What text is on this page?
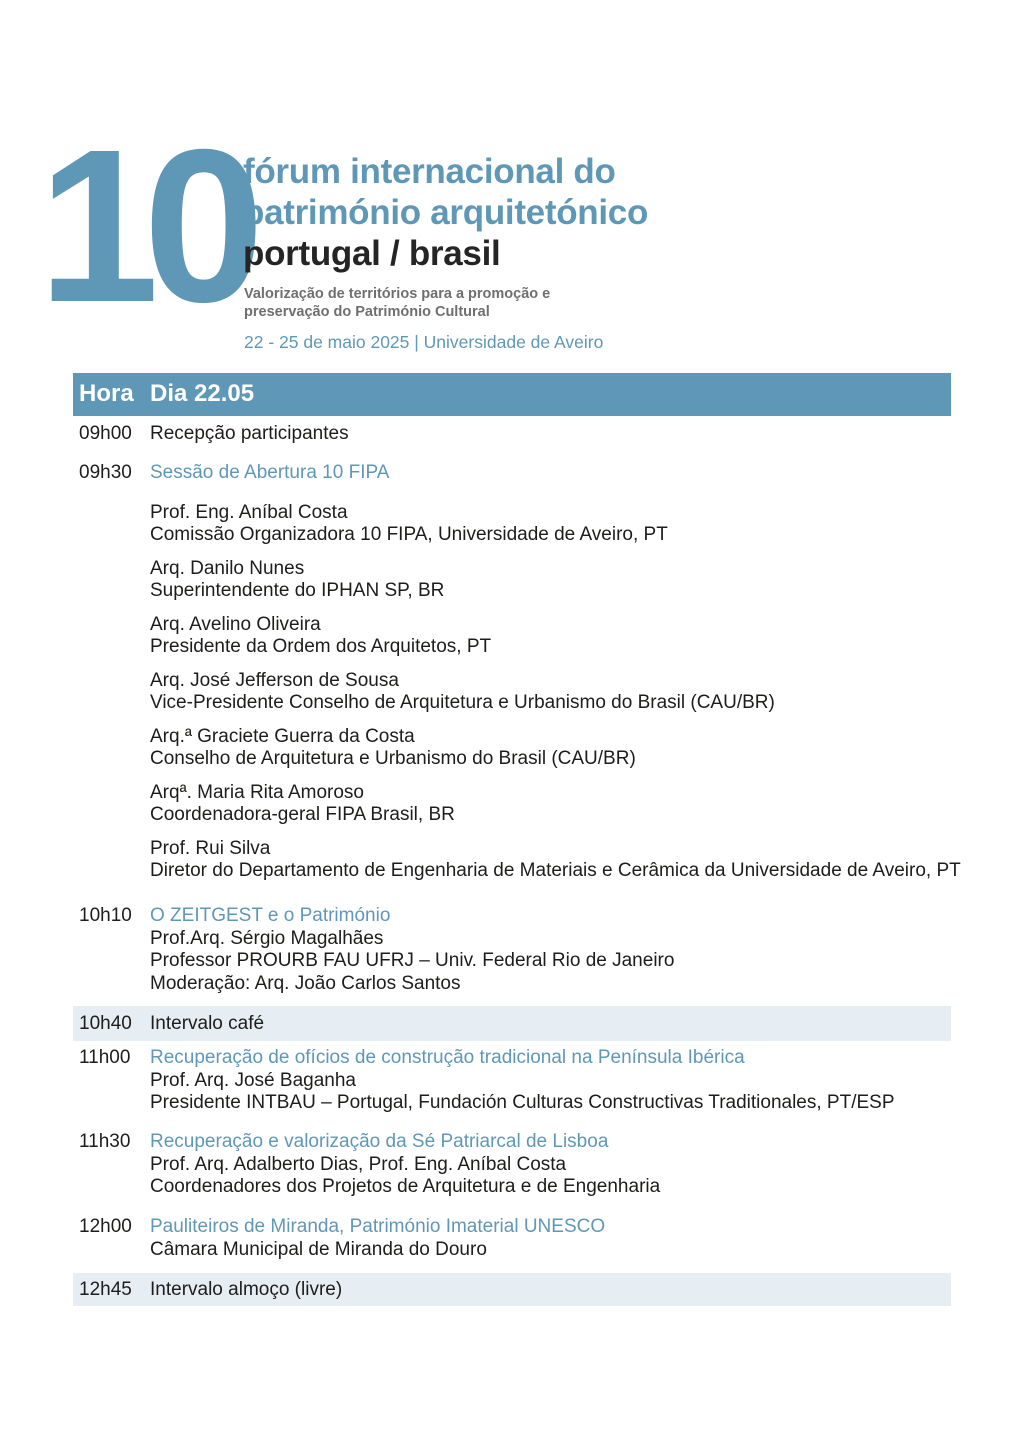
10
fórum internacional do
património arquitetónico
portugal / brasil
Valorização de territórios para a promoção e
preservação do Património Cultural
22 - 25 de maio 2025 | Universidade de Aveiro
Hora Dia 22.05
09h00 Recepção participantes
09h30 Sessão de Abertura 10 FIPA
Prof. Eng. Aníbal Costa
Comissão Organizadora 10 FIPA, Universidade de Aveiro, PT
Arq. Danilo Nunes
Superintendente do IPHAN SP, BR
Arq. Avelino Oliveira
Presidente da Ordem dos Arquitetos, PT
Arq. José Jefferson de Sousa
Vice-Presidente Conselho de Arquitetura e Urbanismo do Brasil (CAU/BR)
Arq.ª Graciete Guerra da Costa
Conselho de Arquitetura e Urbanismo do Brasil (CAU/BR)
Arqª. Maria Rita Amoroso
Coordenadora-geral FIPA Brasil, BR
Prof. Rui Silva
Diretor do Departamento de Engenharia de Materiais e Cerâmica da Universidade de Aveiro, PT
10h10 O ZEITGEST e o Património
Prof.Arq. Sérgio Magalhães
Professor PROURB FAU UFRJ – Univ. Federal Rio de Janeiro
Moderação: Arq. João Carlos Santos
10h40 Intervalo café
11h00 Recuperação de ofícios de construção tradicional na Península Ibérica
Prof. Arq. José Baganha
Presidente INTBAU – Portugal, Fundación Culturas Constructivas Traditionales, PT/ESP
11h30 Recuperação e valorização da Sé Patriarcal de Lisboa
Prof. Arq. Adalberto Dias, Prof. Eng. Aníbal Costa
Coordenadores dos Projetos de Arquitetura e de Engenharia
12h00 Pauliteiros de Miranda, Património Imaterial UNESCO
Câmara Municipal de Miranda do Douro
12h45 Intervalo almoço (livre)
